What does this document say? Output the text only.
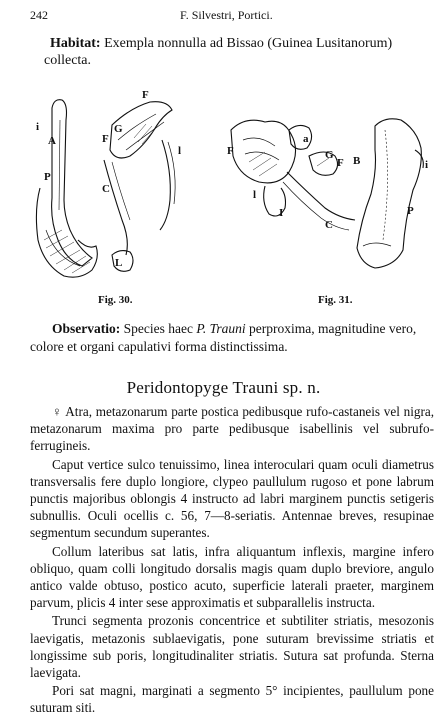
242	F. Silvestri, Portici.
Habitat: Exempla nonnulla ad Bissao (Guinea Lusitanorum)
collecta.
i
A
P
F
G
F
l
C
L
a
F	G
F B	i
l
I
C
P
Fig. 30.	Fig. 31.
Observatio: Species haec P. Trauni perproxima, magnitudine vero, colore et organi capulativi forma distinctissima.
Peridontopyge Trauni sp. n.

♀ Atra, metazonarum parte postica pedibusque rufo-castaneis vel nigra, metazonarum maxima pro parte pedibusque isabellinis vel subrufo-ferrugineis.

Caput vertice sulco tenuissimo, linea interoculari quam oculi diametrus transversalis fere duplo longiore, clypeo paullulum rugoso et pone labrum punctis majoribus oblongis 4 instructo ad labri marginem punctis setigeris subnullis. Oculi ocellis c. 56, 7—8-seriatis. Antennae breves, resupinae segmentum secundum superantes.

Collum lateribus sat latis, infra aliquantum inflexis, margine infero obliquo, quam colli longitudo dorsalis magis quam duplo breviore, angulo antico valde obtuso, postico acuto, superficie laterali praeter, marginem parvum, plicis 4 inter sese approximatis et subparallelis instructa.

Trunci segmenta prozonis concentrice et subtiliter striatis, mesozonis laevigatis, metazonis sublaevigatis, pone suturam brevissime striatis et longissime sub poris, longitudinaliter striatis. Sutura sat profunda. Sterna laevigata.

Pori sat magni, marginati a segmento 5° incipientes, paullulum pone suturam siti.
